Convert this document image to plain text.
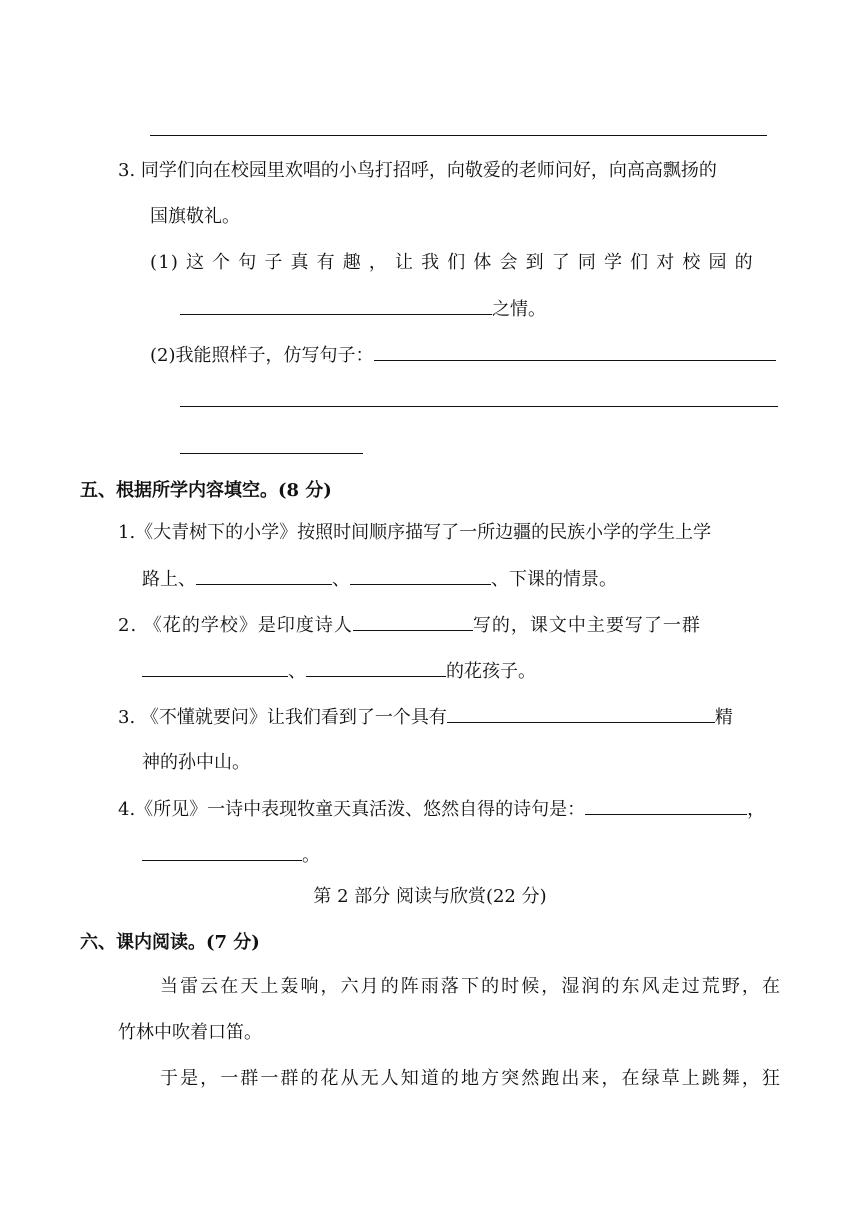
3. 同学们向在校园里欢唱的小鸟打招呼，向敬爱的老师问好，向高高飘扬的
国旗敬礼。
(1) 这 个 句 子 真 有 趣 ， 让 我 们 体 会 到 了 同 学 们 对 校 园 的
之情。
(2)我能照样子，仿写句子：
五、根据所学内容填空。(8 分)
1.《大青树下的小学》按照时间顺序描写了一所边疆的民族小学的学生上学
路上、	、	、下课的情景。
2. 《花的学校》是印度诗人	写的，课文中主要写了一群
、	的花孩子。
3. 《不懂就要问》让我们看到了一个具有	精
神的孙中山。
4.《所见》一诗中表现牧童天真活泼、悠然自得的诗句是：	，
。
第 2 部分 阅读与欣赏(22 分)
六、课内阅读。(7 分)
当雷云在天上轰响，六月的阵雨落下的时候，湿润的东风走过荒野，在
竹林中吹着口笛。
于是，一群一群的花从无人知道的地方突然跑出来，在绿草上跳舞，狂
